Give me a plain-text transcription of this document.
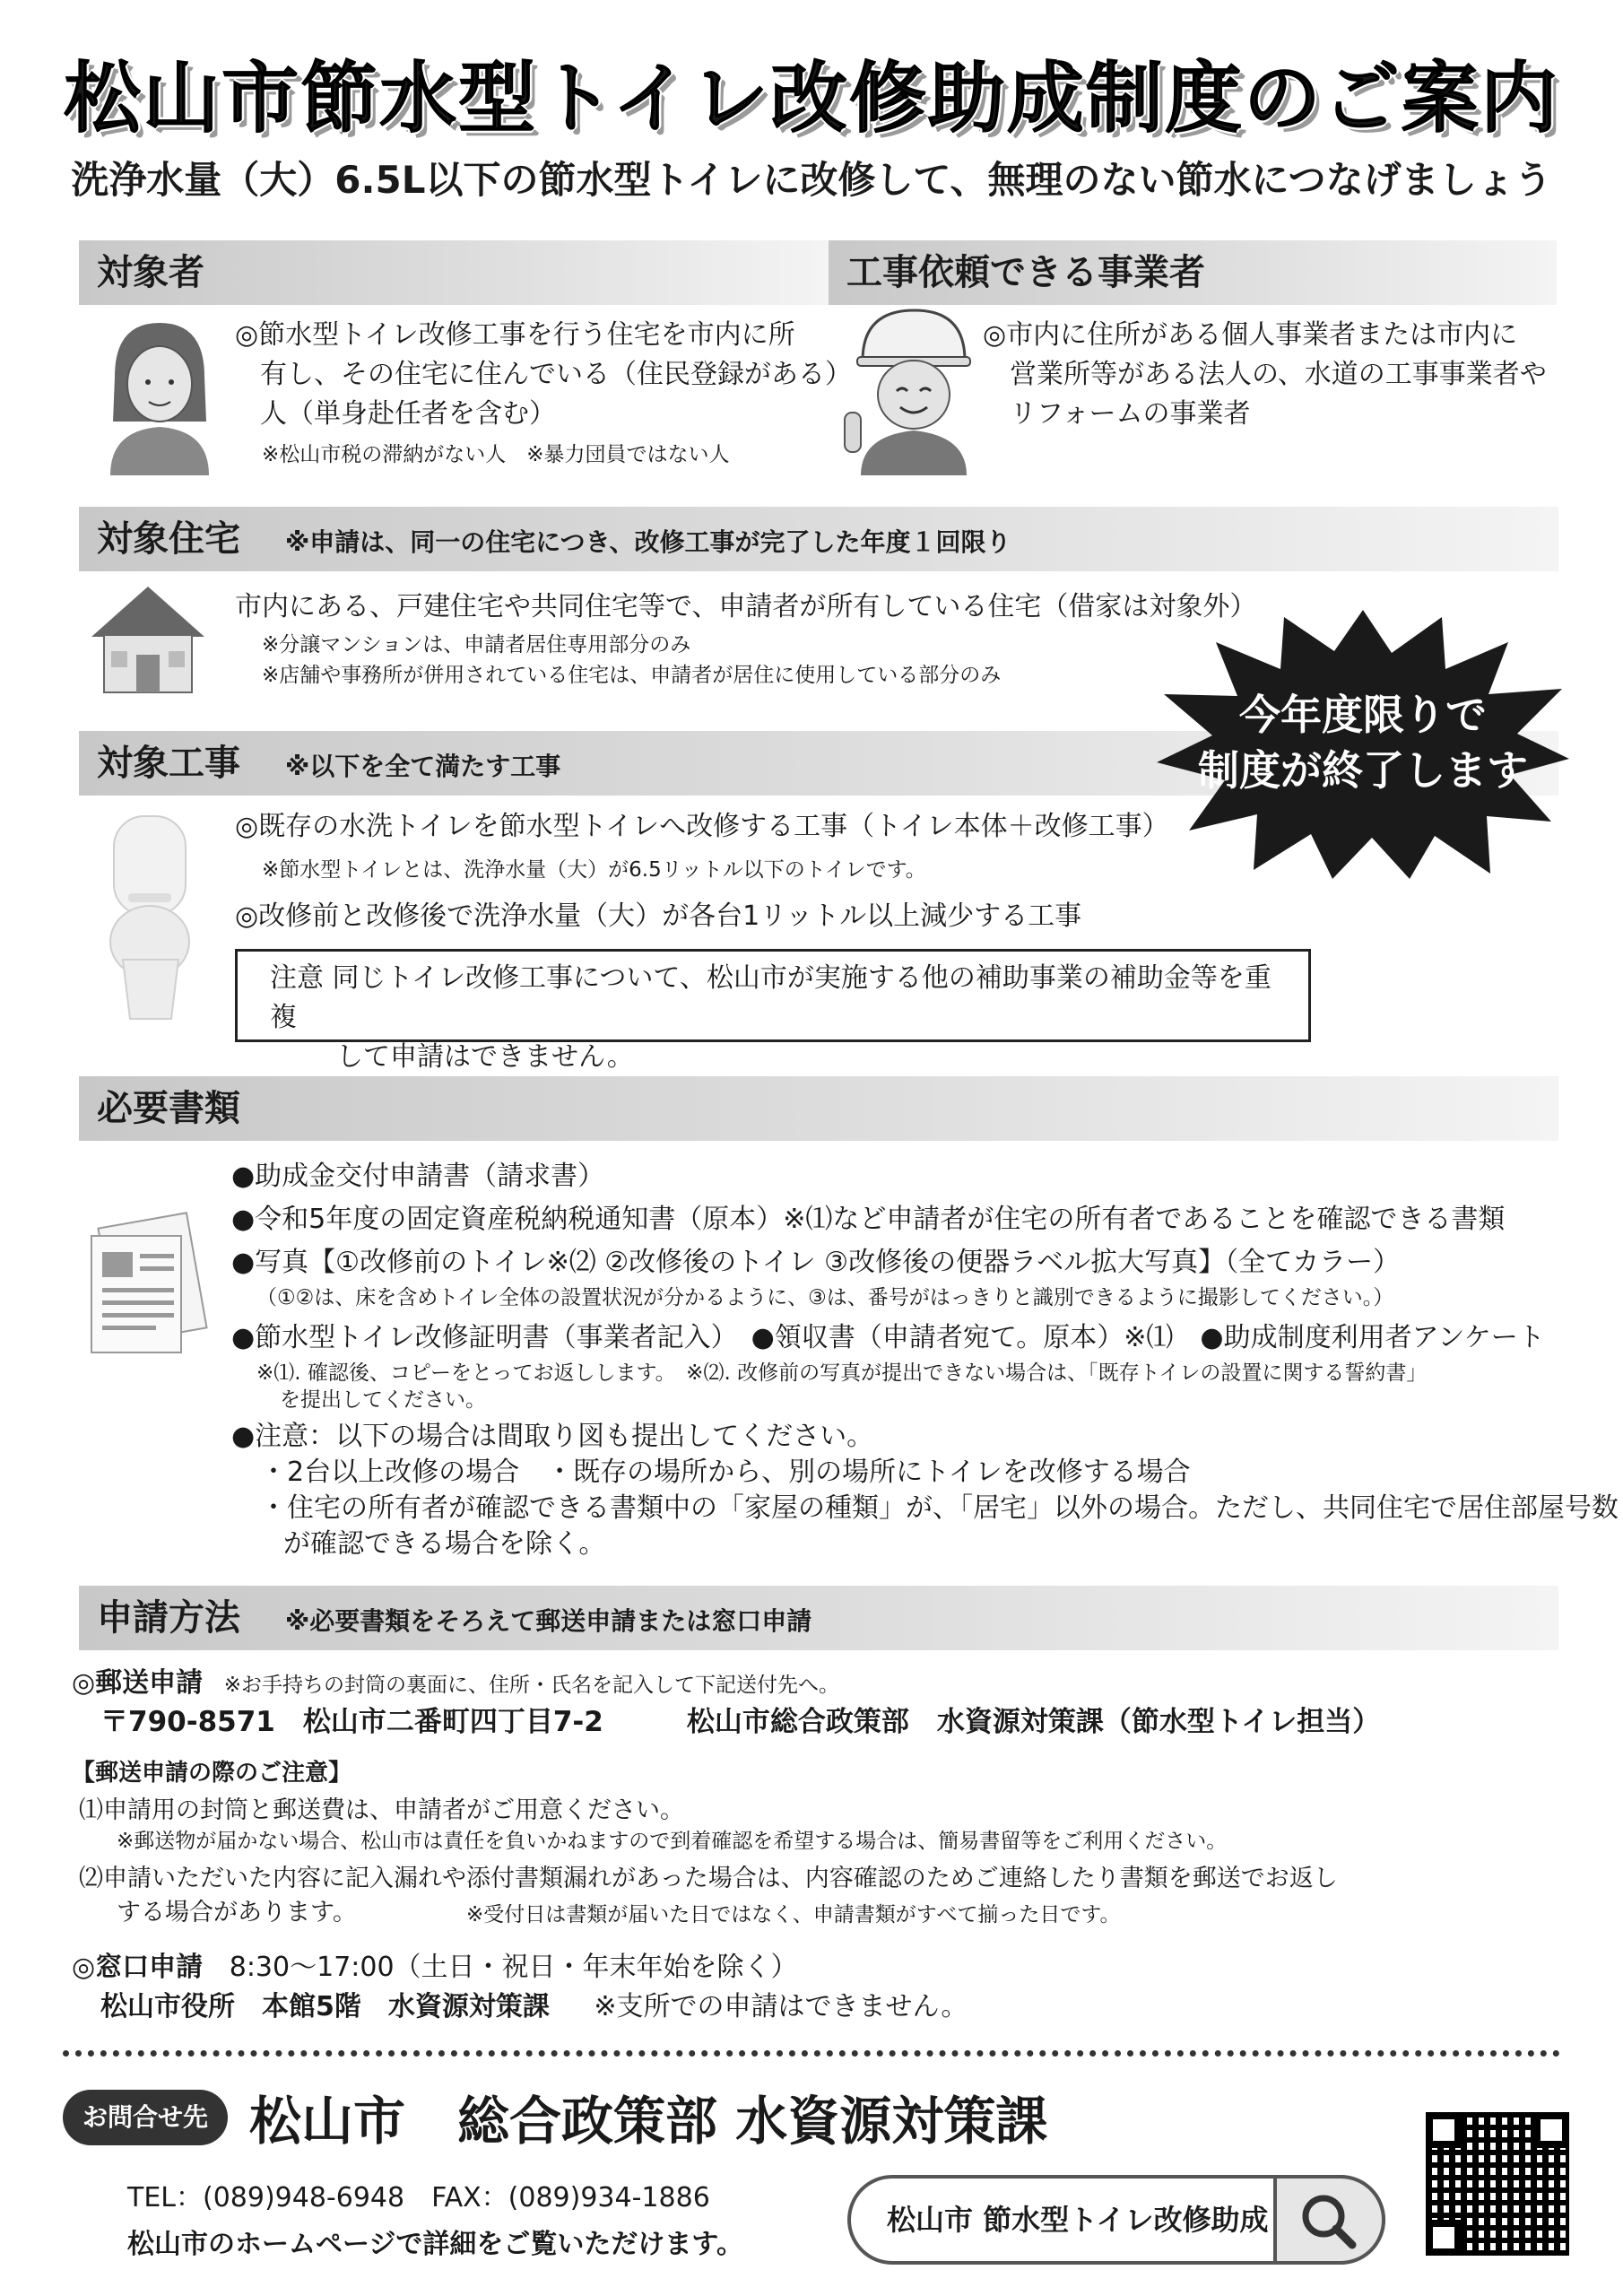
松山市節水型トイレ改修助成制度のご案内
洗浄水量（大）6.5L以下の節水型トイレに改修して、無理のない節水につなげましょう
対象者
◎節水型トイレ改修工事を行う住宅を市内に所
有し、その住宅に住んでいる（住民登録がある）
人（単身赴任者を含む）
※松山市税の滞納がない人　※暴力団員ではない人
工事依頼できる事業者
◎市内に住所がある個人事業者または市内に
営業所等がある法人の、水道の工事事業者や
リフォームの事業者
対象住宅 ※申請は、同一の住宅につき、改修工事が完了した年度１回限り
市内にある、戸建住宅や共同住宅等で、申請者が所有している住宅（借家は対象外）
※分譲マンションは、申請者居住専用部分のみ
※店舗や事務所が併用されている住宅は、申請者が居住に使用している部分のみ
対象工事 ※以下を全て満たす工事
今年度限りで
制度が終了します
◎既存の水洗トイレを節水型トイレへ改修する工事（トイレ本体＋改修工事）
※節水型トイレとは、洗浄水量（大）が6.5リットル以下のトイレです。
◎改修前と改修後で洗浄水量（大）が各台1リットル以上減少する工事
注意 同じトイレ改修工事について、松山市が実施する他の補助事業の補助金等を重複
して申請はできません。
必要書類
●助成金交付申請書（請求書）
●令和5年度の固定資産税納税通知書（原本）※⑴など申請者が住宅の所有者であることを確認できる書類
●写真【①改修前のトイレ※⑵ ②改修後のトイレ ③改修後の便器ラベル拡大写真】（全てカラー）
（①②は、床を含めトイレ全体の設置状況が分かるように、③は、番号がはっきりと識別できるように撮影してください。）
●節水型トイレ改修証明書（事業者記入）　●領収書（申請者宛て。原本）※⑴　●助成制度利用者アンケート
※⑴. 確認後、コピーをとってお返しします。　※⑵. 改修前の写真が提出できない場合は、「既存トイレの設置に関する誓約書」
を提出してください。
●注意：以下の場合は間取り図も提出してください。
・2台以上改修の場合　・既存の場所から、別の場所にトイレを改修する場合
・住宅の所有者が確認できる書類中の「家屋の種類」が、「居宅」以外の場合。ただし、共同住宅で居住部屋号数
が確認できる場合を除く。
申請方法 ※必要書類をそろえて郵送申請または窓口申請
◎郵送申請 ※お手持ちの封筒の裏面に、住所・氏名を記入して下記送付先へ。
〒790-8571　松山市二番町四丁目7-2　　　松山市総合政策部　水資源対策課（節水型トイレ担当）
【郵送申請の際のご注意】
⑴申請用の封筒と郵送費は、申請者がご用意ください。
※郵送物が届かない場合、松山市は責任を負いかねますので到着確認を希望する場合は、簡易書留等をご利用ください。
⑵申請いただいた内容に記入漏れや添付書類漏れがあった場合は、内容確認のためご連絡したり書類を郵送でお返し
する場合があります。	※受付日は書類が届いた日ではなく、申請書類がすべて揃った日です。
◎窓口申請 8:30〜17:00（土日・祝日・年末年始を除く）
松山市役所　本館5階　水資源対策課 ※支所での申請はできません。
お問合せ先 松山市　総合政策部 水資源対策課
TEL：(089)948-6948　FAX：(089)934-1886
松山市のホームページで詳細をご覧いただけます。
松山市 節水型トイレ改修助成
